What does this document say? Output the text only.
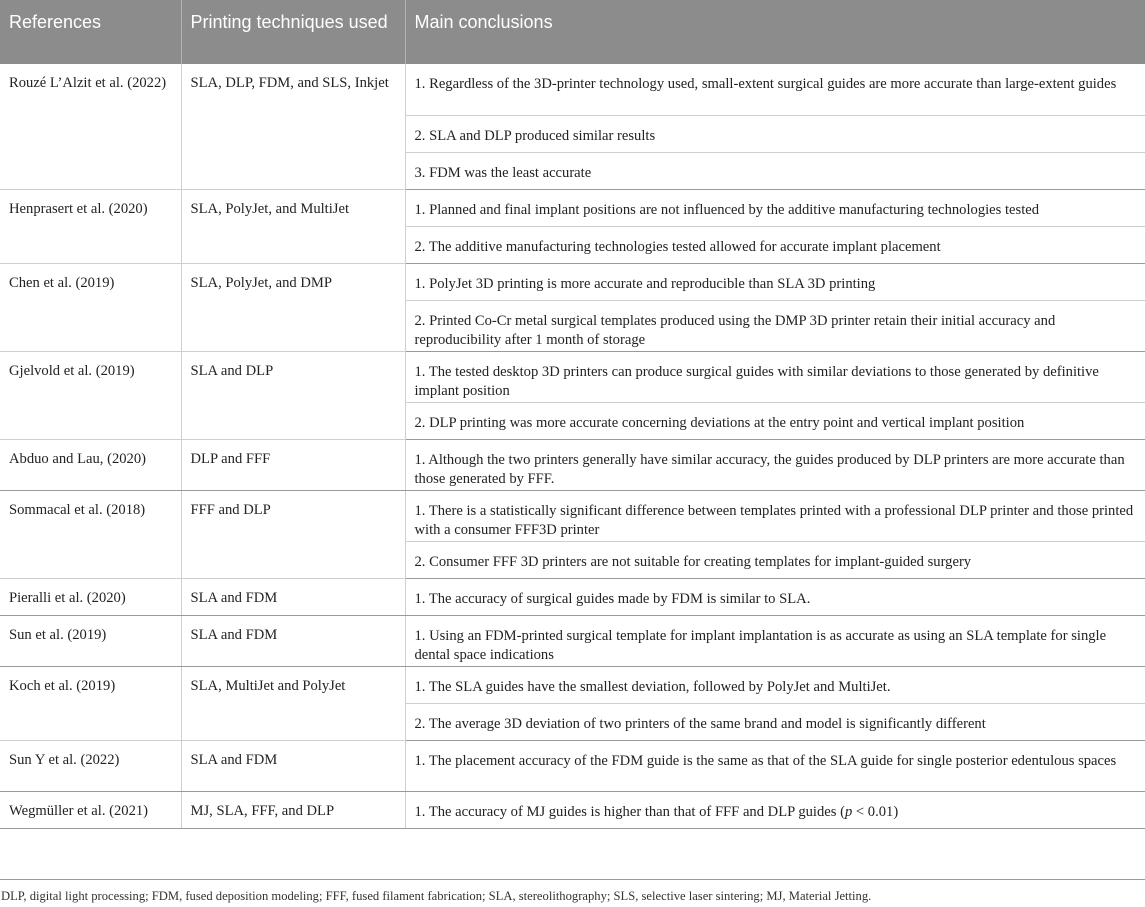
References	Printing techniques used	Main conclusions
Rouzé L’Alzit et al. (2022)	SLA, DLP, FDM, and SLS, Inkjet	1. Regardless of the 3D-printer technology used, small-extent surgical guides are more accurate than large-extent guides
		2. SLA and DLP produced similar results
		3. FDM was the least accurate
Henprasert et al. (2020)	SLA, PolyJet, and MultiJet	1. Planned and final implant positions are not influenced by the additive manufacturing technologies tested
		2. The additive manufacturing technologies tested allowed for accurate implant placement
Chen et al. (2019)	SLA, PolyJet, and DMP	1. PolyJet 3D printing is more accurate and reproducible than SLA 3D printing
		2. Printed Co-Cr metal surgical templates produced using the DMP 3D printer retain their initial accuracy and reproducibility after 1 month of storage
Gjelvold et al. (2019)	SLA and DLP	1. The tested desktop 3D printers can produce surgical guides with similar deviations to those generated by definitive implant position
		2. DLP printing was more accurate concerning deviations at the entry point and vertical implant position
Abduo and Lau, (2020)	DLP and FFF	1. Although the two printers generally have similar accuracy, the guides produced by DLP printers are more accurate than those generated by FFF.
Sommacal et al. (2018)	FFF and DLP	1. There is a statistically significant difference between templates printed with a professional DLP printer and those printed with a consumer FFF3D printer
		2. Consumer FFF 3D printers are not suitable for creating templates for implant-guided surgery
Pieralli et al. (2020)	SLA and FDM	1. The accuracy of surgical guides made by FDM is similar to SLA.
Sun et al. (2019)	SLA and FDM	1. Using an FDM-printed surgical template for implant implantation is as accurate as using an SLA template for single dental space indications
Koch et al. (2019)	SLA, MultiJet and PolyJet	1. The SLA guides have the smallest deviation, followed by PolyJet and MultiJet.
		2. The average 3D deviation of two printers of the same brand and model is significantly different
Sun Y et al. (2022)	SLA and FDM	1. The placement accuracy of the FDM guide is the same as that of the SLA guide for single posterior edentulous spaces
Wegmüller et al. (2021)	MJ, SLA, FFF, and DLP	1. The accuracy of MJ guides is higher than that of FFF and DLP guides (p < 0.01)
DLP, digital light processing; FDM, fused deposition modeling; FFF, fused filament fabrication; SLA, stereolithography; SLS, selective laser sintering; MJ, Material Jetting.
